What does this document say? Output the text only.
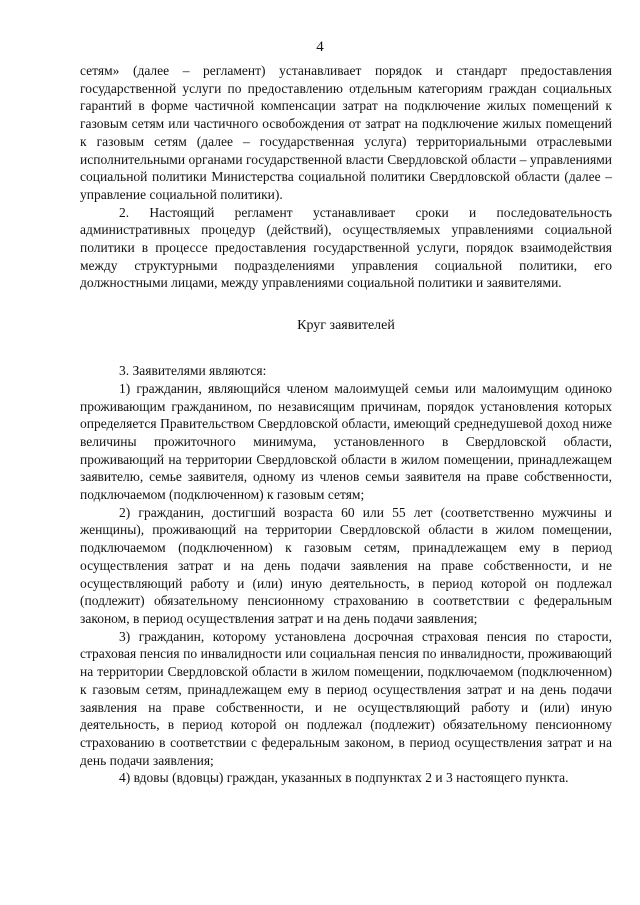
4

сетям» (далее – регламент) устанавливает порядок и стандарт предоставления государственной услуги по предоставлению отдельным категориям граждан социальных гарантий в форме частичной компенсации затрат на подключение жилых помещений к газовым сетям или частичного освобождения от затрат на подключение жилых помещений к газовым сетям (далее – государственная услуга) территориальными отраслевыми исполнительными органами государственной власти Свердловской области – управлениями социальной политики Министерства социальной политики Свердловской области (далее – управление социальной политики).

2. Настоящий регламент устанавливает сроки и последовательность административных процедур (действий), осуществляемых управлениями социальной политики в процессе предоставления государственной услуги, порядок взаимодействия между структурными подразделениями управления социальной политики, его должностными лицами, между управлениями социальной политики и заявителями.

Круг заявителей

3. Заявителями являются:

1) гражданин, являющийся членом малоимущей семьи или малоимущим одиноко проживающим гражданином, по независящим причинам, порядок установления которых определяется Правительством Свердловской области, имеющий среднедушевой доход ниже величины прожиточного минимума, установленного в Свердловской области, проживающий на территории Свердловской области в жилом помещении, принадлежащем заявителю, семье заявителя, одному из членов семьи заявителя на праве собственности, подключаемом (подключенном) к газовым сетям;

2) гражданин, достигший возраста 60 или 55 лет (соответственно мужчины и женщины), проживающий на территории Свердловской области в жилом помещении, подключаемом (подключенном) к газовым сетям, принадлежащем ему в период осуществления затрат и на день подачи заявления на праве собственности, и не осуществляющий работу и (или) иную деятельность, в период которой он подлежал (подлежит) обязательному пенсионному страхованию в соответствии с федеральным законом, в период осуществления затрат и на день подачи заявления;

3) гражданин, которому установлена досрочная страховая пенсия по старости, страховая пенсия по инвалидности или социальная пенсия по инвалидности, проживающий на территории Свердловской области в жилом помещении, подключаемом (подключенном) к газовым сетям, принадлежащем ему в период осуществления затрат и на день подачи заявления на праве собственности, и не осуществляющий работу и (или) иную деятельность, в период которой он подлежал (подлежит) обязательному пенсионному страхованию в соответствии с федеральным законом, в период осуществления затрат и на день подачи заявления;

4) вдовы (вдовцы) граждан, указанных в подпунктах 2 и 3 настоящего пункта.
